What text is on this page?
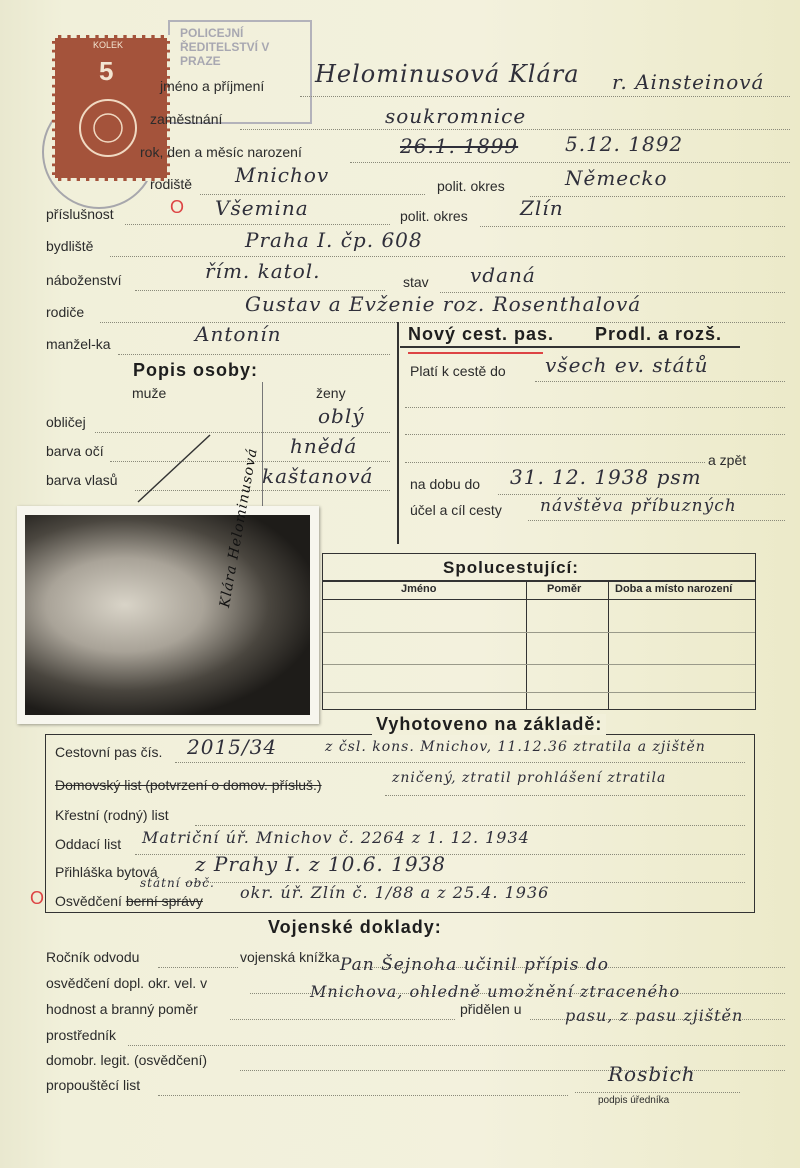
POLICEJNÍ ŘEDITELSTVÍ V PRAZE
KOLEK
5	jméno a příjmení Helominusová Klára r. Ainsteinová
zaměstnání	soukromnice
rok, den a měsíc narození	26.1. 1899 5.12. 1892
rodiště Mnichov	polit. okres	Německo
příslušnost	O Všemina	polit. okres	Zlín
bydliště	Praha I. čp. 608
náboženství	řím. katol.	stav vdaná
rodiče	Gustav a Evženie roz. Rosenthalová
manžel-ka	Antonín
Popis osoby:
muže	ženy
obličej	oblý
barva očí	hnědá
barva vlasů	kaštanová
Nový cest. pas. Prodl. a rozš.
Platí k cestě do všech ev. států
a zpět
na dobu do 31. 12. 1938 psm
účel a cíl cesty návštěva příbuzných
Klára Helominusová	Spolucestující:
Jméno	Poměr	Doba a místo narození
Vyhotoveno na základě:
Cestovní pas čís. 2015/34	z čsl. kons. Mnichov, 11.12.36 ztratila a zjištěn
Domovský list (potvrzení o domov. přísluš.)	zničený, ztratil prohlášení ztratila
Křestní (rodný) list
Oddací list Matriční úř. Mnichov č. 2264 z 1. 12. 1934
Přihláška bytová z Prahy I. z 10.6. 1938
O Osvědčení berní správy
státní obč. okr. úř. Zlín č. 1/88 a z 25.4. 1936
Vojenské doklady:
Ročník odvodu	vojenská knížka Pan Šejnoha učinil přípis do
osvědčení dopl. okr. vel. v	Mnichova, ohledně umožnění ztraceného
hodnost a branný poměr	přidělen u	pasu, z pasu zjištěn
prostředník
domobr. legit. (osvědčení)
propouštěcí list	Rosbich
podpis úředníka
